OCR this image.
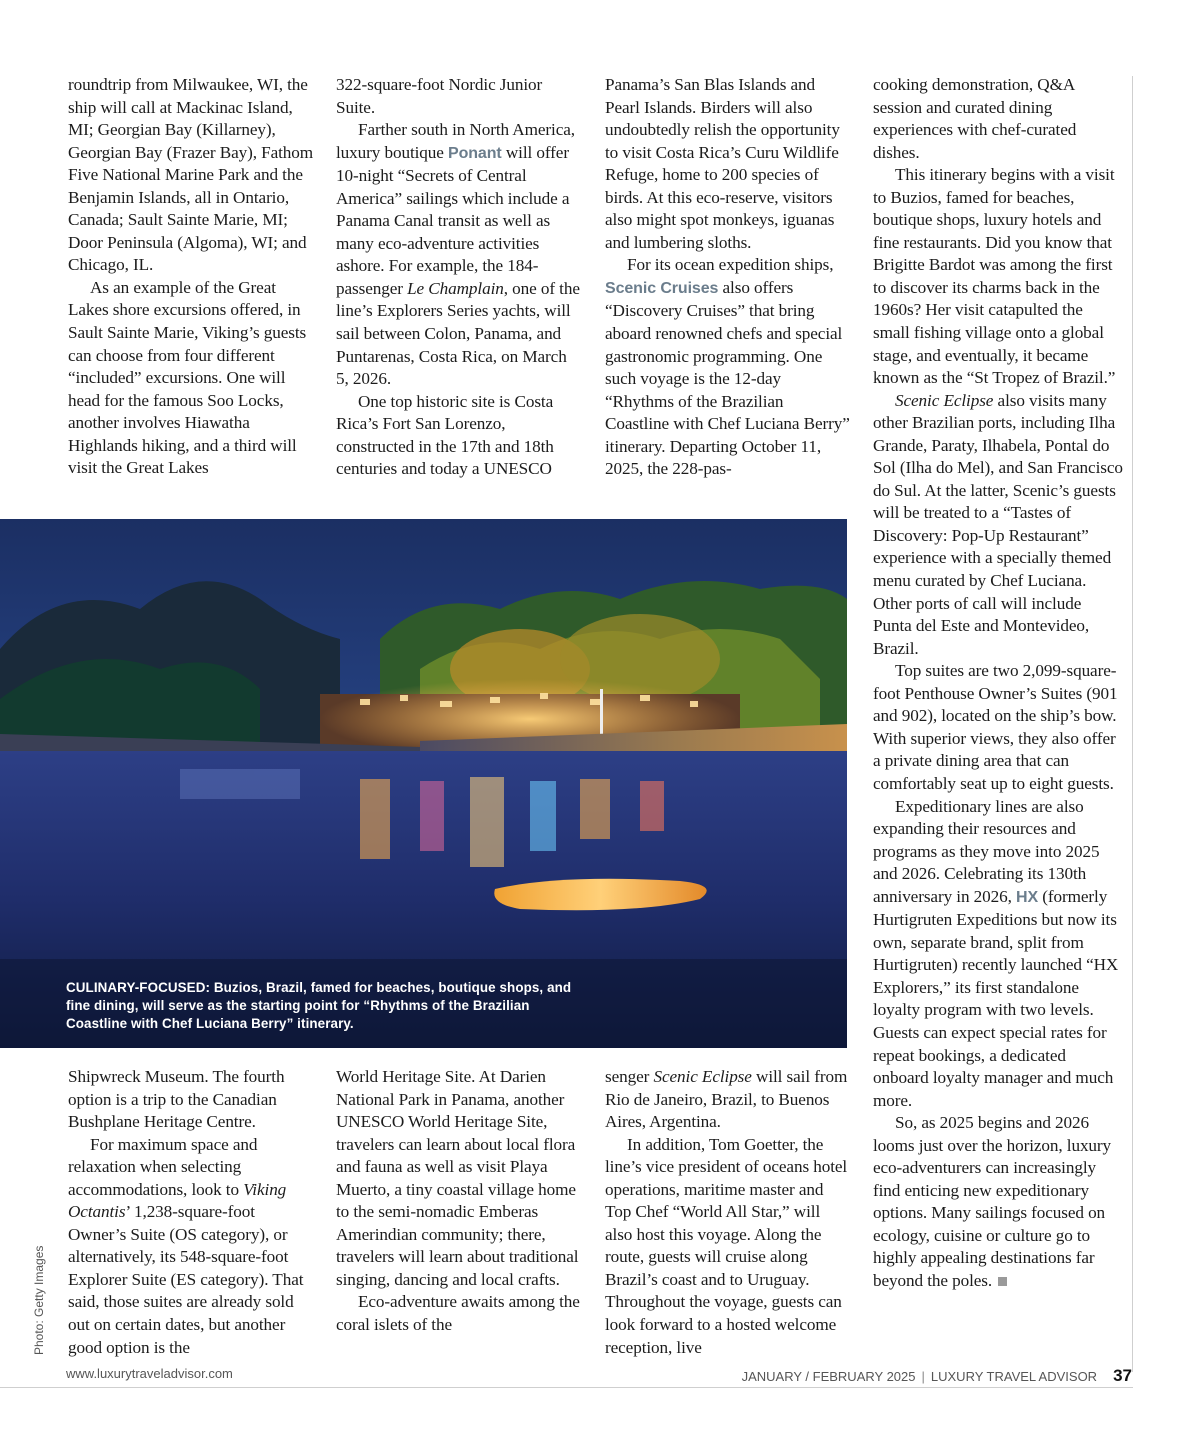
roundtrip from Milwaukee, WI, the ship will call at Mackinac Island, MI; Georgian Bay (Killarney), Georgian Bay (Frazer Bay), Fathom Five National Marine Park and the Benjamin Islands, all in Ontario, Canada; Sault Sainte Marie, MI; Door Peninsula (Algoma), WI; and Chicago, IL.

As an example of the Great Lakes shore excursions offered, in Sault Sainte Marie, Viking’s guests can choose from four different “included” excursions. One will head for the famous Soo Locks, another involves Hiawatha Highlands hiking, and a third will visit the Great Lakes

322-square-foot Nordic Junior Suite.

Farther south in North America, luxury boutique Ponant will offer 10-night “Secrets of Central America” sailings which include a Panama Canal transit as well as many eco-adventure activities ashore. For example, the 184-passenger Le Champlain, one of the line’s Explorers Series yachts, will sail between Colon, Panama, and Puntarenas, Costa Rica, on March 5, 2026.

One top historic site is Costa Rica’s Fort San Lorenzo, constructed in the 17th and 18th centuries and today a UNESCO

Panama’s San Blas Islands and Pearl Islands. Birders will also undoubtedly relish the opportunity to visit Costa Rica’s Curu Wildlife Refuge, home to 200 species of birds. At this eco-reserve, visitors also might spot monkeys, iguanas and lumbering sloths.

For its ocean expedition ships, Scenic Cruises also offers “Discovery Cruises” that bring aboard renowned chefs and special gastronomic programming. One such voyage is the 12-day “Rhythms of the Brazilian Coastline with Chef Luciana Berry” itinerary. Departing October 11, 2025, the 228-pas-

cooking demonstration, Q&A session and curated dining experiences with chef-curated dishes.

This itinerary begins with a visit to Buzios, famed for beaches, boutique shops, luxury hotels and fine restaurants. Did you know that Brigitte Bardot was among the first to discover its charms back in the 1960s? Her visit catapulted the small fishing village onto a global stage, and eventually, it became known as the “St Tropez of Brazil.”

Scenic Eclipse also visits many other Brazilian ports, including Ilha Grande, Paraty, Ilhabela, Pontal do Sol (Ilha do Mel), and San Francisco do Sul. At the latter, Scenic’s guests will be treated to a “Tastes of Discovery: Pop-Up Restaurant” experience with a specially themed menu curated by Chef Luciana. Other ports of call will include Punta del Este and Montevideo, Brazil.

Top suites are two 2,099-square-foot Penthouse Owner’s Suites (901 and 902), located on the ship’s bow. With superior views, they also offer a private dining area that can comfortably seat up to eight guests.

Expeditionary lines are also expanding their resources and programs as they move into 2025 and 2026. Celebrating its 130th anniversary in 2026, HX (formerly Hurtigruten Expeditions but now its own, separate brand, split from Hurtigruten) recently launched “HX Explorers,” its first standalone loyalty program with two levels. Guests can expect special rates for repeat bookings, a dedicated onboard loyalty manager and much more.

So, as 2025 begins and 2026 looms just over the horizon, luxury eco-adventurers can increasingly find enticing new expeditionary options. Many sailings focused on ecology, cuisine or culture go to highly appealing destinations far beyond the poles.

CULINARY-FOCUSED: Buzios, Brazil, famed for beaches, boutique shops, and fine dining, will serve as the starting point for “Rhythms of the Brazilian Coastline with Chef Luciana Berry” itinerary.

Shipwreck Museum. The fourth option is a trip to the Canadian Bushplane Heritage Centre.

For maximum space and relaxation when selecting accommodations, look to Viking Octantis’ 1,238-square-foot Owner’s Suite (OS category), or alternatively, its 548-square-foot Explorer Suite (ES category). That said, those suites are already sold out on certain dates, but another good option is the

World Heritage Site. At Darien National Park in Panama, another UNESCO World Heritage Site, travelers can learn about local flora and fauna as well as visit Playa Muerto, a tiny coastal village home to the semi-nomadic Emberas Amerindian community; there, travelers will learn about traditional singing, dancing and local crafts.

Eco-adventure awaits among the coral islets of the

senger Scenic Eclipse will sail from Rio de Janeiro, Brazil, to Buenos Aires, Argentina.

In addition, Tom Goetter, the line’s vice president of oceans hotel operations, maritime master and Top Chef “World All Star,” will also host this voyage. Along the route, guests will cruise along Brazil’s coast and to Uruguay. Throughout the voyage, guests can look forward to a hosted welcome reception, live

Photo: Getty Images
www.luxurytraveladvisor.com	JANUARY / FEBRUARY 2025 | LUXURY TRAVEL ADVISOR 37
